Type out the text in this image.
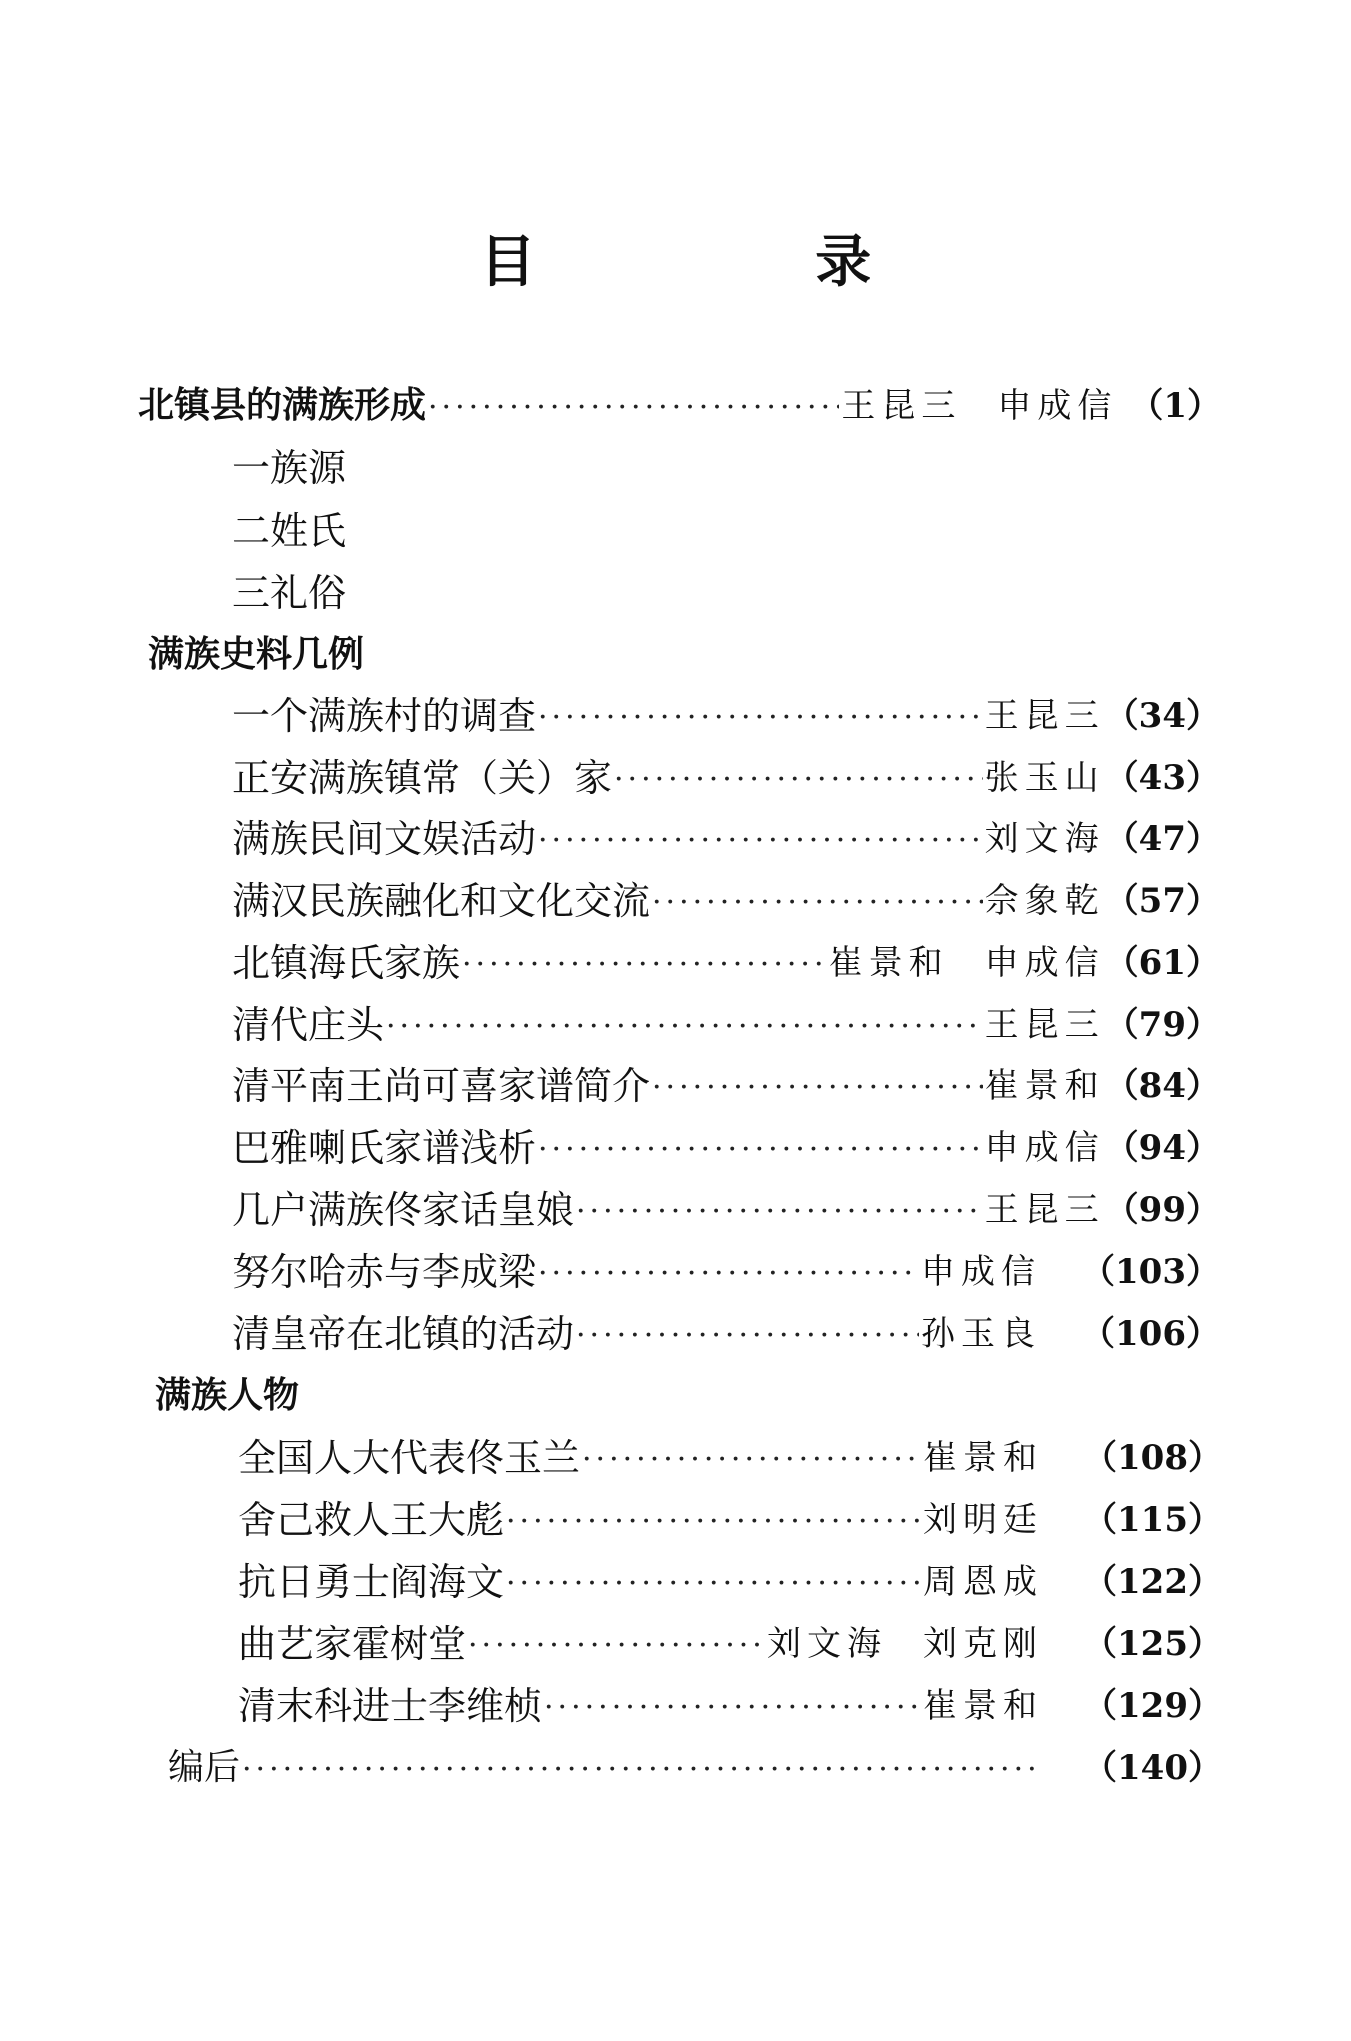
目 录
北镇县的满族形成 ·····	王昆三 申成信 （1）
一族源
二姓氏
三礼俗
满族史料几例
一个满族村的调查 ·····	王昆三 （34）
正安满族镇常（关）家 ·····	张玉山 （43）
满族民间文娱活动 ·····	刘文海 （47）
满汉民族融化和文化交流 ·····	佘象乾 （57）
北镇海氏家族 ·····	崔景和 申成信 （61）
清代庄头 ·····	王昆三 （79）
清平南王尚可喜家谱简介 ·····	崔景和 （84）
巴雅喇氏家谱浅析 ·····	申成信 （94）
几户满族佟家话皇娘 ·····	王昆三 （99）
努尔哈赤与李成梁 ·····	申成信 （103）
清皇帝在北镇的活动 ·····	孙玉良 （106）
满族人物
全国人大代表佟玉兰 ·····	崔景和 （108）
舍己救人王大彪 ·····	刘明廷 （115）
抗日勇士阎海文 ·····	周恩成 （122）
曲艺家霍树堂 ·····	刘文海 刘克刚 （125）
清末科进士李维桢 ·····	崔景和 （129）
编后 ·····	（140）
